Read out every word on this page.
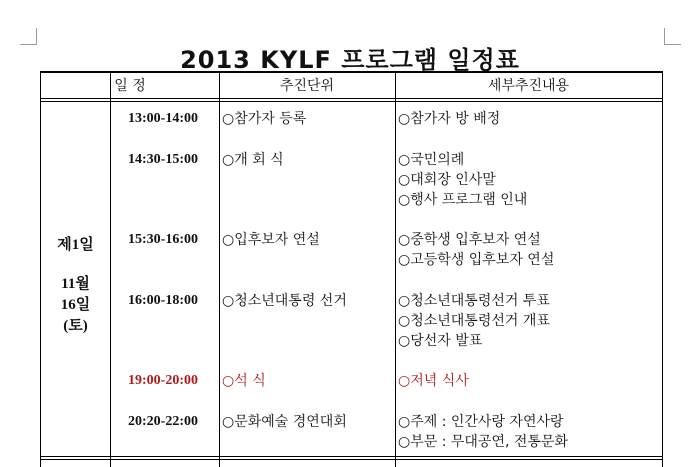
2013 KYLF 프로그램 일정표
일 정	추진단위	세부추진내용
제1일
11월
16일
(토)
13:00-14:00 ○참가자 등록	○참가자 방 배정
14:30-15:00 ○개 회 식	○국민의례
○대회장 인사말
○행사 프로그램 인내
15:30-16:00 ○입후보자 연설	○중학생 입후보자 연설
○고등학생 입후보자 연설
16:00-18:00 ○청소년대통령 선거	○청소년대통령선거 투표
○청소년대통령선거 개표
○당선자 발표
19:00-20:00 ○석 식	○저녁 식사
20:20-22:00 ○문화예술 경연대회	○주제 : 인간사랑 자연사랑
○부문 : 무대공연, 전통문화
